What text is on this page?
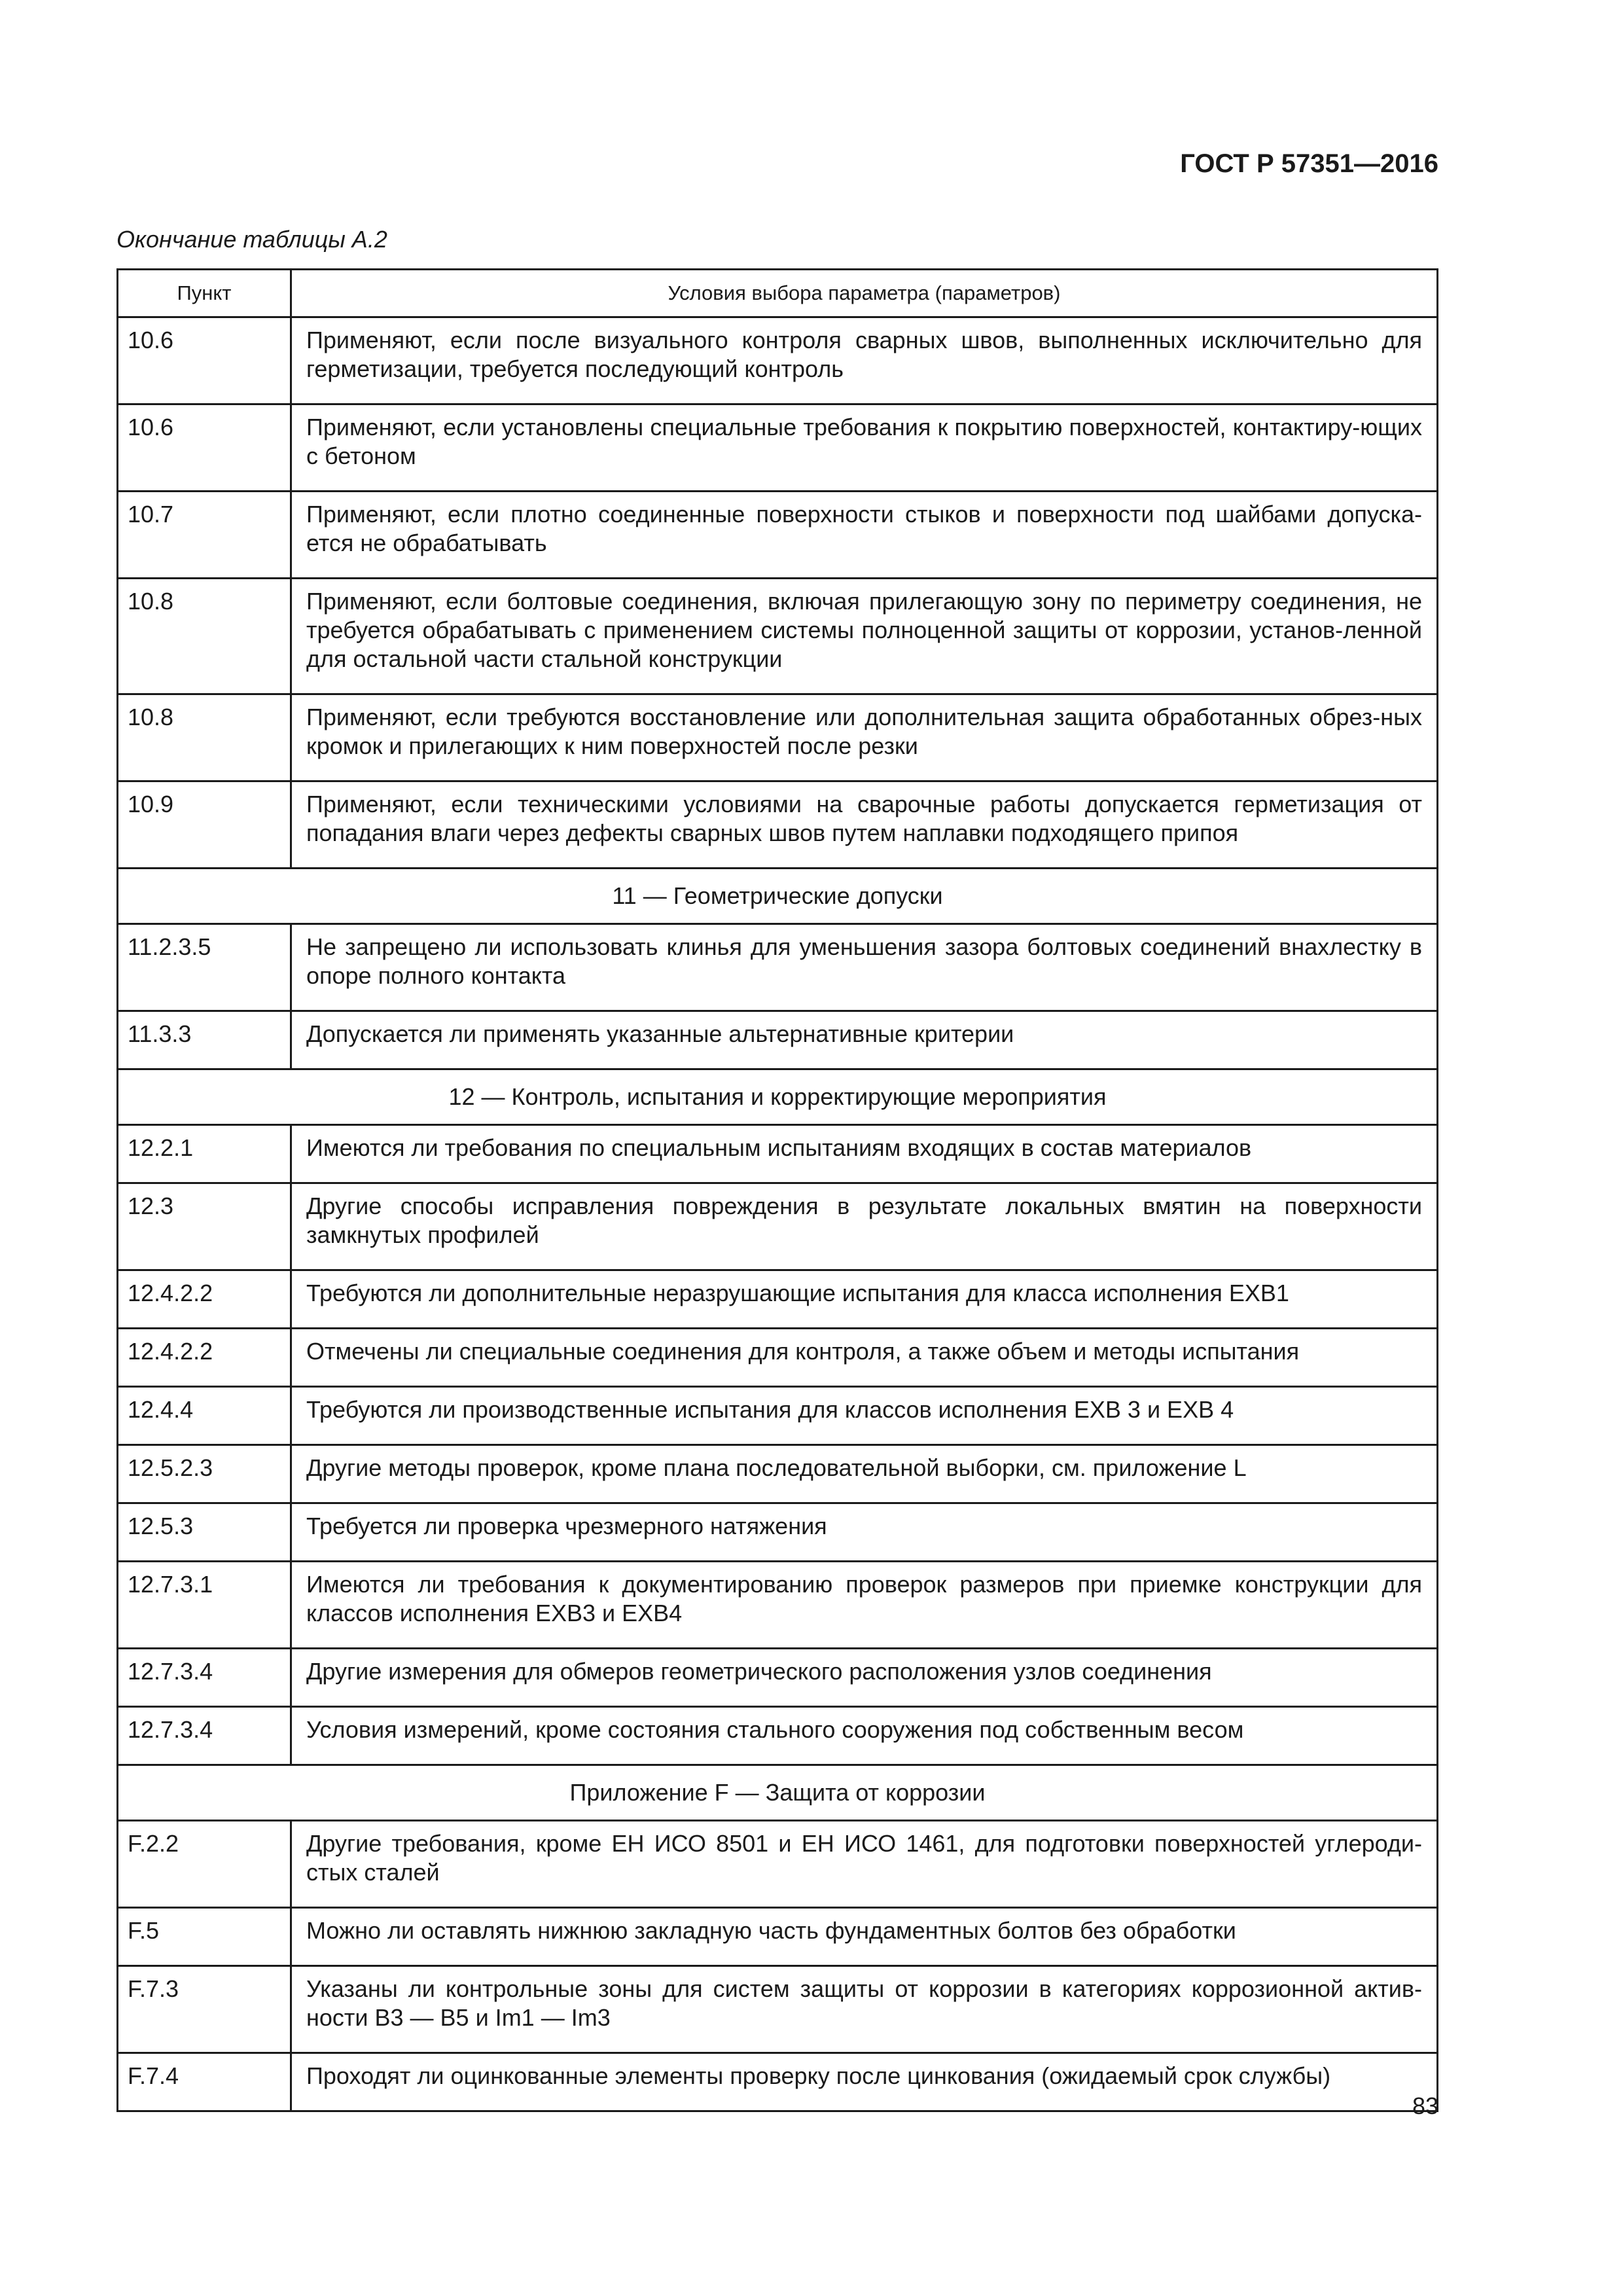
ГОСТ Р 57351—2016
Окончание таблицы А.2
Пункт	Условия выбора параметра (параметров)
10.6	Применяют, если после визуального контроля сварных швов, выполненных исключительно для герметизации, требуется последующий контроль
10.6	Применяют, если установлены специальные требования к покрытию поверхностей, контактиру-ющих с бетоном
10.7	Применяют, если плотно соединенные поверхности стыков и поверхности под шайбами допуска-ется не обрабатывать
10.8	Применяют, если болтовые соединения, включая прилегающую зону по периметру соединения, не требуется обрабатывать с применением системы полноценной защиты от коррозии, установ-ленной для остальной части стальной конструкции
10.8	Применяют, если требуются восстановление или дополнительная защита обработанных обрез-ных кромок и прилегающих к ним поверхностей после резки
10.9	Применяют, если техническими условиями на сварочные работы допускается герметизация от попадания влаги через дефекты сварных швов путем наплавки подходящего припоя
11 — Геометрические допуски	
11.2.3.5	Не запрещено ли использовать клинья для уменьшения зазора болтовых соединений внахлестку в опоре полного контакта
11.3.3	Допускается ли применять указанные альтернативные критерии
12 — Контроль, испытания и корректирующие мероприятия	
12.2.1	Имеются ли требования по специальным испытаниям входящих в состав материалов
12.3	Другие способы исправления повреждения в результате локальных вмятин на поверхности замкнутых профилей
12.4.2.2	Требуются ли дополнительные неразрушающие испытания для класса исполнения EXB1
12.4.2.2	Отмечены ли специальные соединения для контроля, а также объем и методы испытания
12.4.4	Требуются ли производственные испытания для классов исполнения EXB 3 и EXB 4
12.5.2.3	Другие методы проверок, кроме плана последовательной выборки, см. приложение L
12.5.3	Требуется ли проверка чрезмерного натяжения
12.7.3.1	Имеются ли требования к документированию проверок размеров при приемке конструкции для классов исполнения EXB3 и EXB4
12.7.3.4	Другие измерения для обмеров геометрического расположения узлов соединения
12.7.3.4	Условия измерений, кроме состояния стального сооружения под собственным весом
Приложение F — Защита от коррозии	
F.2.2	Другие требования, кроме ЕН ИСО 8501 и ЕН ИСО 1461, для подготовки поверхностей углероди-стых сталей
F.5	Можно ли оставлять нижнюю закладную часть фундаментных болтов без обработки
F.7.3	Указаны ли контрольные зоны для систем защиты от коррозии в категориях коррозионной актив-ности B3 — B5 и Im1 — Im3
F.7.4	Проходят ли оцинкованные элементы проверку после цинкования (ожидаемый срок службы)
83
